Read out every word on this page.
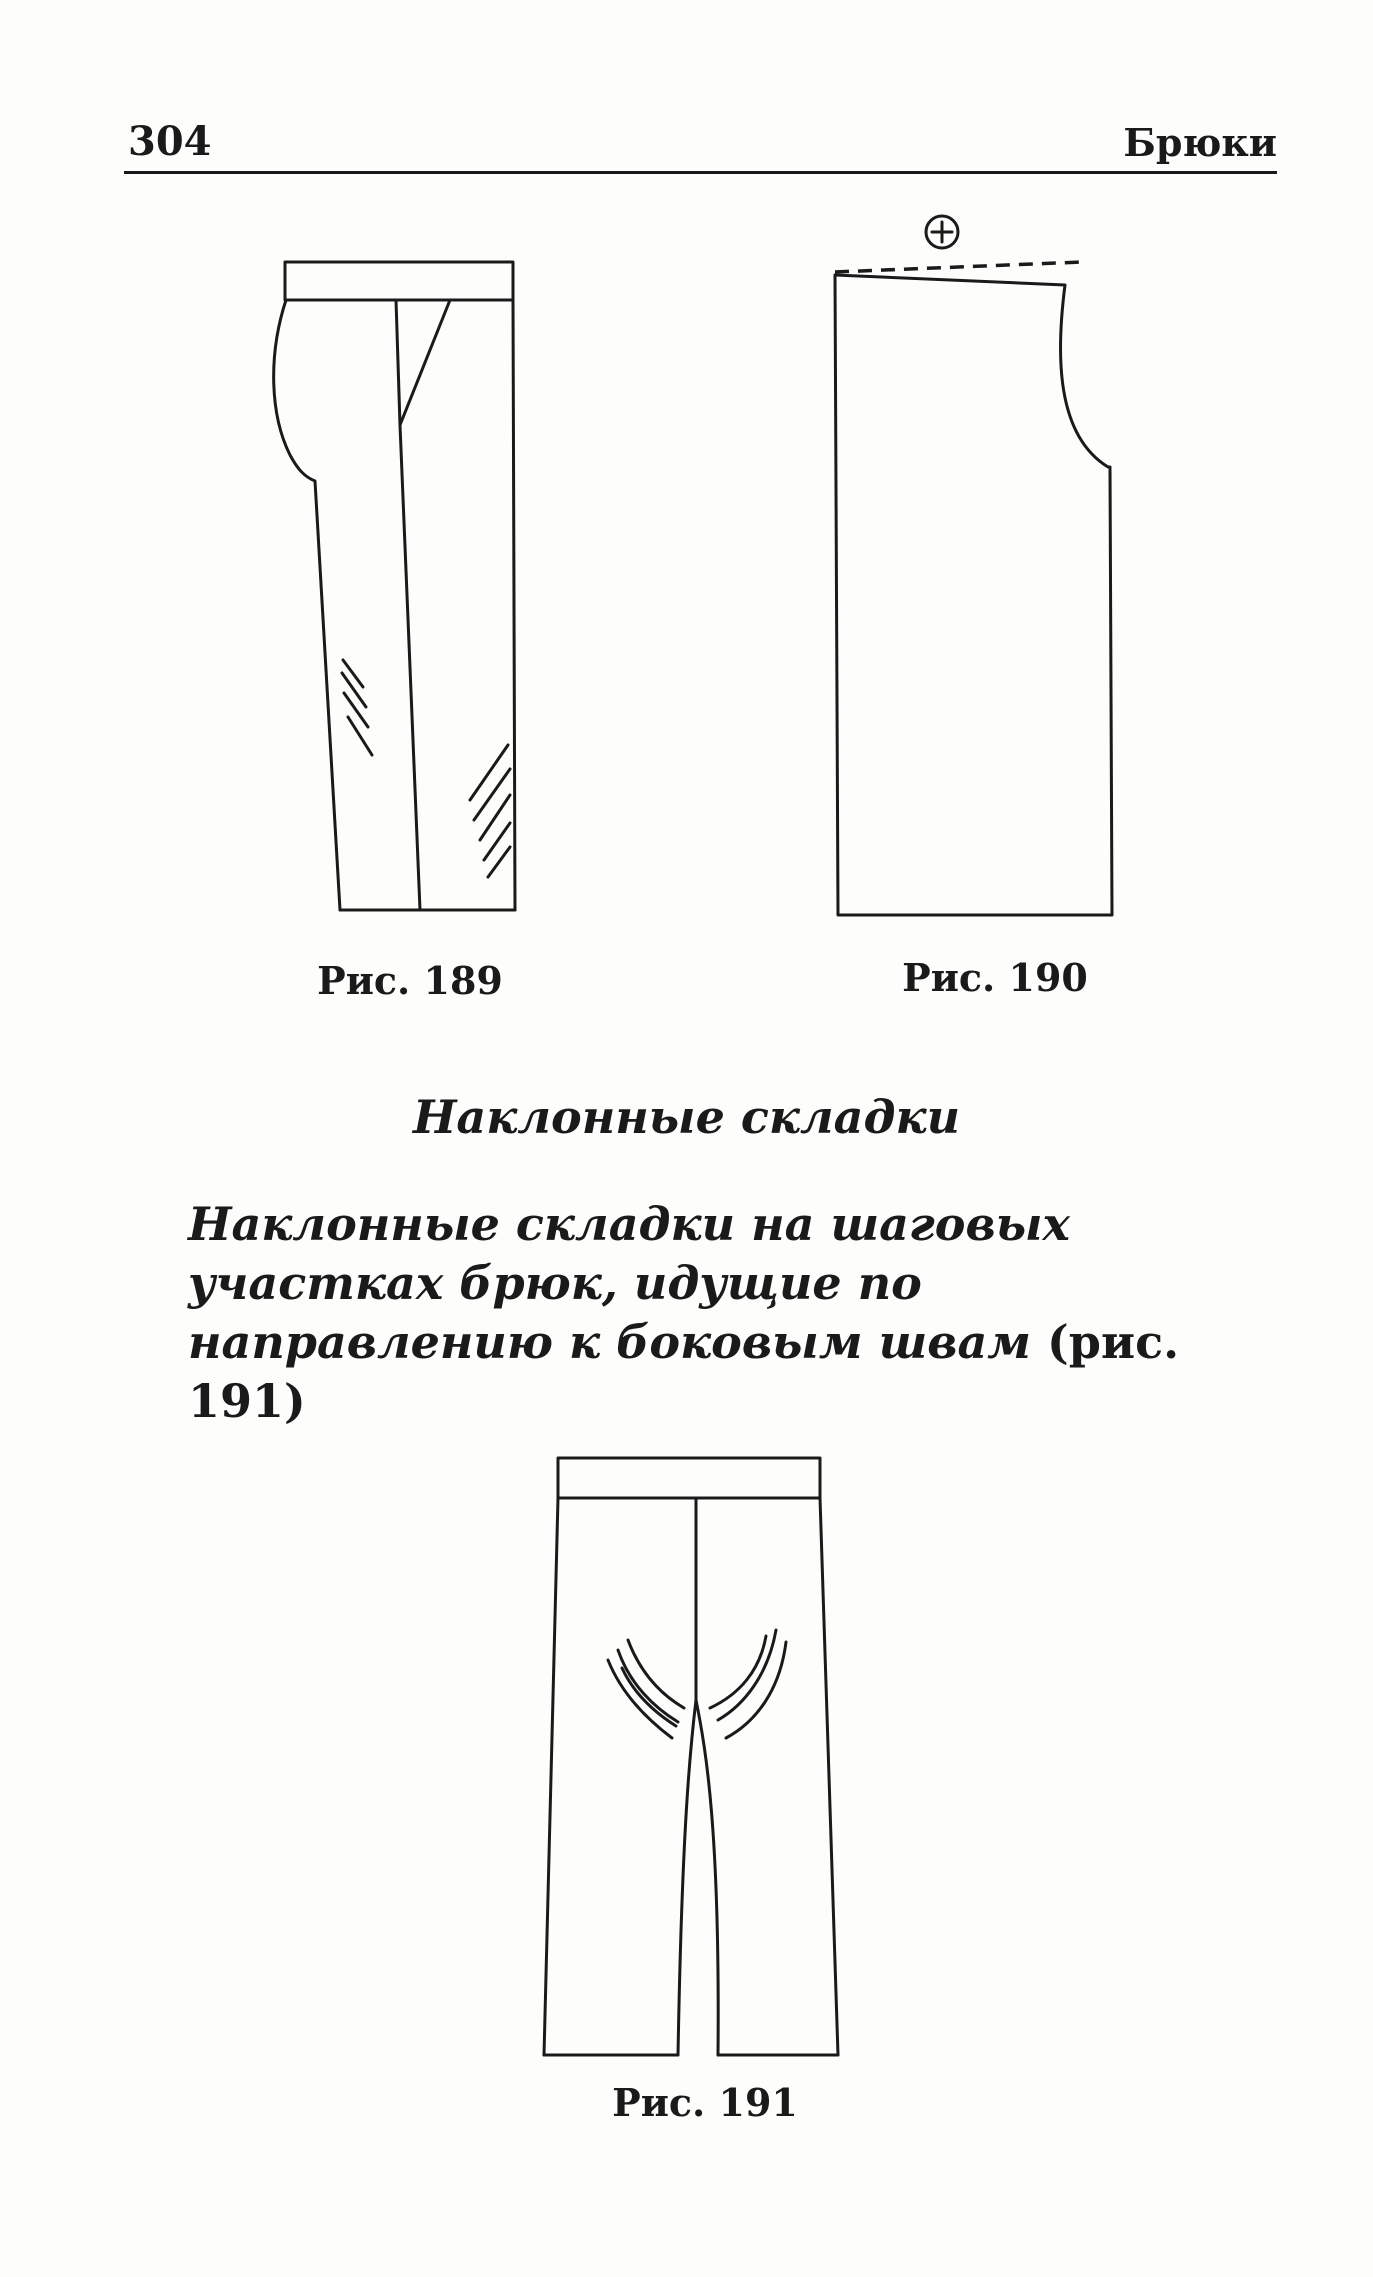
304	Брюки
Рис. 189	Рис. 190
Наклонные складки
Наклонные складки на шаговых участках брюк, идущие по направлению к боковым швам (рис. 191)
Рис. 191
